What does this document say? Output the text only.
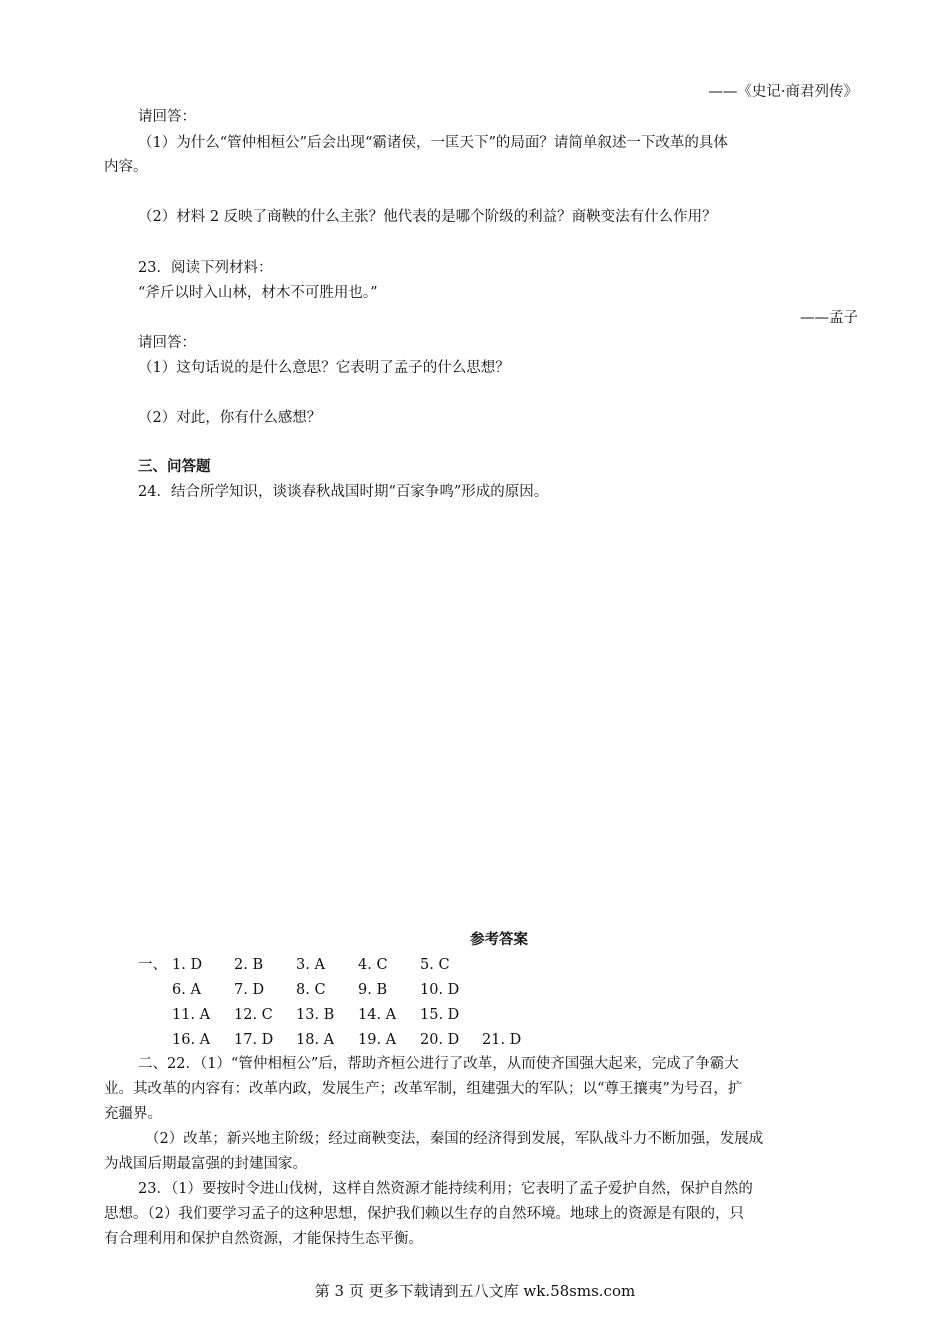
——《史记·商君列传》
请回答：
（1）为什么“管仲相桓公”后会出现“霸诸侯，一匡天下”的局面？请简单叙述一下改革的具体
内容。
（2）材料 2 反映了商鞅的什么主张？他代表的是哪个阶级的利益？商鞅变法有什么作用？
23．阅读下列材料：
“斧斤以时入山林，材木不可胜用也。”
——孟子
请回答：
（1）这句话说的是什么意思？它表明了孟子的什么思想？
（2）对此，你有什么感想？
三、问答题
24．结合所学知识，谈谈春秋战国时期“百家争鸣”形成的原因。
参考答案
一、 1. D 2. B 3. A 4. C 5. C
6. A 7. D 8. C 9. B 10. D
11. A 12. C 13. B 14. A 15. D
16. A 17. D 18. A 19. A 20. D 21. D
二、22．（1）“管仲相桓公”后，帮助齐桓公进行了改革，从而使齐国强大起来，完成了争霸大
业。其改革的内容有：改革内政，发展生产；改革军制，组建强大的军队；以“尊王攘夷”为号召，扩
充疆界。
（2）改革；新兴地主阶级；经过商鞅变法，秦国的经济得到发展，军队战斗力不断加强，发展成
为战国后期最富强的封建国家。
23．（1）要按时令进山伐树，这样自然资源才能持续利用；它表明了孟子爱护自然，保护自然的
思想。（2）我们要学习孟子的这种思想，保护我们赖以生存的自然环境。地球上的资源是有限的，只
有合理利用和保护自然资源，才能保持生态平衡。
第 3 页 更多下载请到五八文库 wk.58sms.com
